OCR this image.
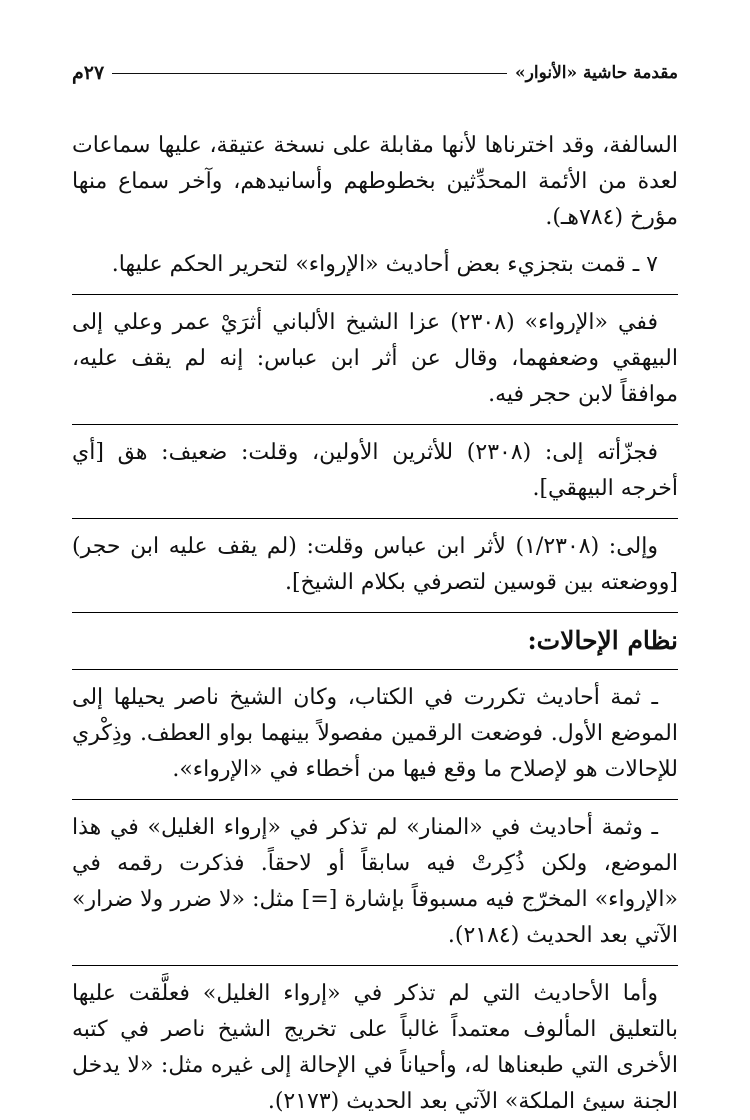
مقدمة حاشية «الأنوار»
٢٧م

السالفة، وقد اخترناها لأنها مقابلة على نسخة عتيقة، عليها سماعات لعدة من الأئمة المحدِّثين بخطوطهم وأسانيدهم، وآخر سماع منها مؤرخ (٧٨٤هـ).

٧ ـ قمت بتجزيء بعض أحاديث «الإرواء» لتحرير الحكم عليها.

ففي «الإرواء» (٢٣٠٨) عزا الشيخ الألباني أثرَيْ عمر وعلي إلى البيهقي وضعفهما، وقال عن أثر ابن عباس: إنه لم يقف عليه، موافقاً لابن حجر فيه.

فجزّأته إلى: (٢٣٠٨) للأثرين الأولين، وقلت: ضعيف: هق [أي أخرجه البيهقي].

وإلى: (١/٢٣٠٨) لأثر ابن عباس وقلت: (لم يقف عليه ابن حجر) [ووضعته بين قوسين لتصرفي بكلام الشيخ].

نظام الإحالات:

ـ ثمة أحاديث تكررت في الكتاب، وكان الشيخ ناصر يحيلها إلى الموضع الأول. فوضعت الرقمين مفصولاً بينهما بواو العطف. وذِكْري للإحالات هو لإصلاح ما وقع فيها من أخطاء في «الإرواء».

ـ وثمة أحاديث في «المنار» لم تذكر في «إرواء الغليل» في هذا الموضع، ولكن ذُكِرتْ فيه سابقاً أو لاحقاً. فذكرت رقمه في «الإرواء» المخرّج فيه مسبوقاً بإشارة [=] مثل: «لا ضرر ولا ضرار» الآتي بعد الحديث (٢١٨٤).

وأما الأحاديث التي لم تذكر في «إرواء الغليل» فعلَّقت عليها بالتعليق المألوف معتمداً غالباً على تخريج الشيخ ناصر في كتبه الأخرى التي طبعناها له، وأحياناً في الإحالة إلى غيره مثل: «لا يدخل الجنة سيئ الملكة» الآتي بعد الحديث (٢١٧٣).
